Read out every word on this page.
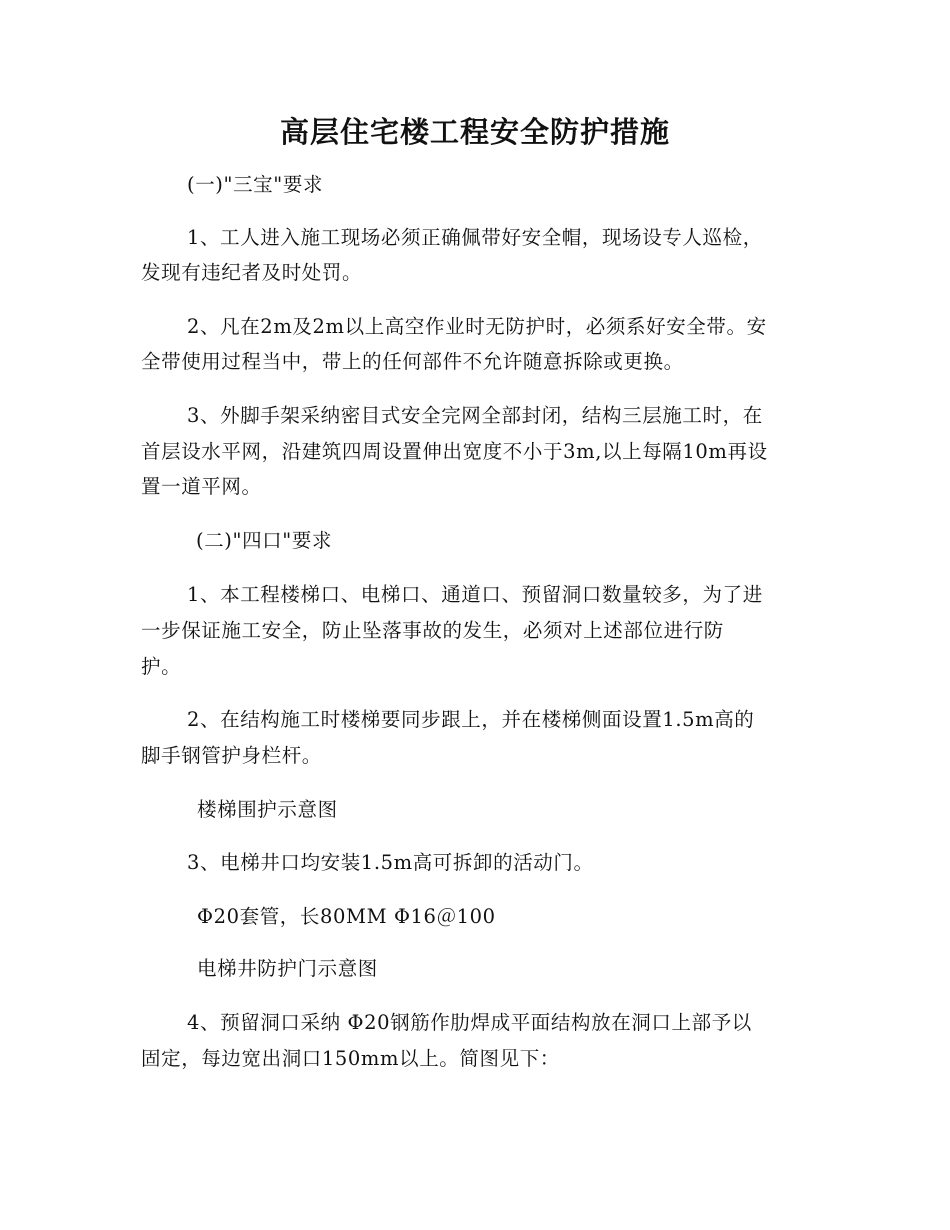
高层住宅楼工程安全防护措施
(一)"三宝"要求
1、工人进入施工现场必须正确佩带好安全帽，现场设专人巡检，
发现有违纪者及时处罚。
2、凡在2m及2m以上高空作业时无防护时，必须系好安全带。安
全带使用过程当中，带上的任何部件不允许随意拆除或更换。
3、外脚手架采纳密目式安全完网全部封闭，结构三层施工时，在
首层设水平网，沿建筑四周设置伸出宽度不小于3m,以上每隔10m再设
置一道平网。
(二)"四口"要求
1、本工程楼梯口、电梯口、通道口、预留洞口数量较多，为了进
一步保证施工安全，防止坠落事故的发生，必须对上述部位进行防
护。
2、在结构施工时楼梯要同步跟上，并在楼梯侧面设置1.5m高的
脚手钢管护身栏杆。
楼梯围护示意图
3、电梯井口均安装1.5m高可拆卸的活动门。
Φ20套管，长80MM Φ16＠100
电梯井防护门示意图
4、预留洞口采纳 Φ20钢筋作肋焊成平面结构放在洞口上部予以
固定，每边宽出洞口150mm以上。简图见下：
